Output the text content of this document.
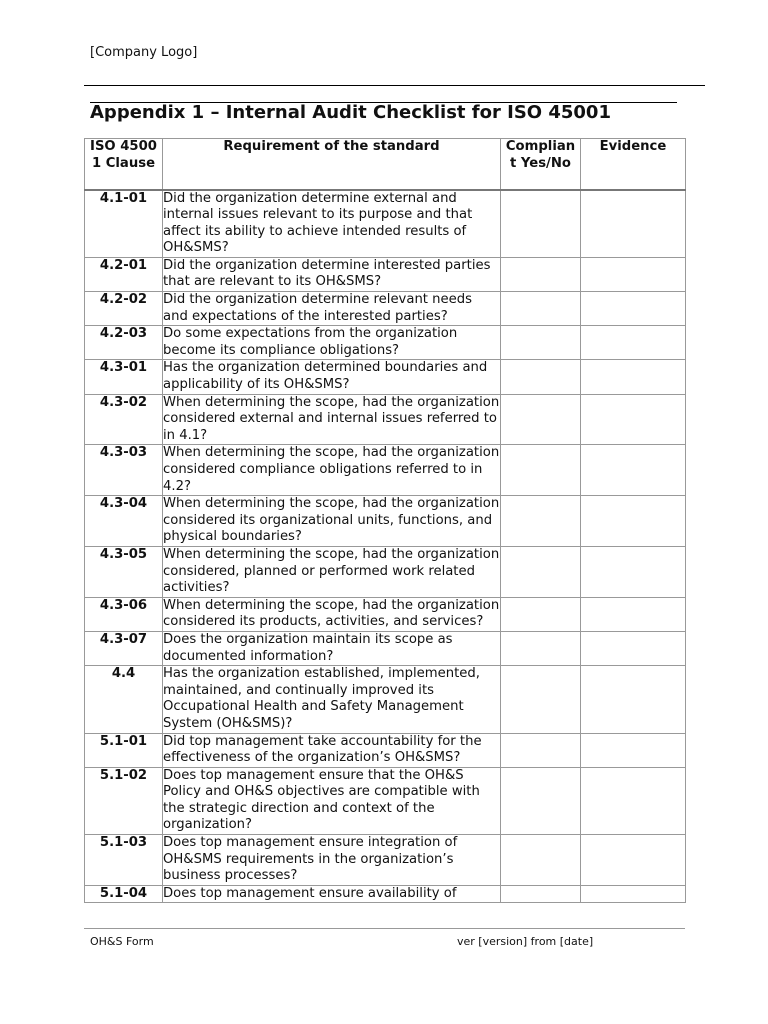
[Company Logo]
Appendix 1 – Internal Audit Checklist for ISO 45001
ISO 45001 Clause	Requirement of the standard	Compliant Yes/No	Evidence
4.1-01	Did the organization determine external and internal issues relevant to its purpose and that affect its ability to achieve intended results of OH&SMS?		
4.2-01	Did the organization determine interested parties that are relevant to its OH&SMS?		
4.2-02	Did the organization determine relevant needs and expectations of the interested parties?		
4.2-03	Do some expectations from the organization become its compliance obligations?		
4.3-01	Has the organization determined boundaries and applicability of its OH&SMS?		
4.3-02	When determining the scope, had the organization considered external and internal issues referred to in 4.1?		
4.3-03	When determining the scope, had the organization considered compliance obligations referred to in 4.2?		
4.3-04	When determining the scope, had the organization considered its organizational units, functions, and physical boundaries?		
4.3-05	When determining the scope, had the organization considered, planned or performed work related activities?		
4.3-06	When determining the scope, had the organization considered its products, activities, and services?		
4.3-07	Does the organization maintain its scope as documented information?		
4.4	Has the organization established, implemented, maintained, and continually improved its Occupational Health and Safety Management System (OH&SMS)?		
5.1-01	Did top management take accountability for the effectiveness of the organization’s OH&SMS?		
5.1-02	Does top management ensure that the OH&S Policy and OH&S objectives are compatible with the strategic direction and context of the organization?		
5.1-03	Does top management ensure integration of OH&SMS requirements in the organization’s business processes?		
5.1-04	Does top management ensure availability of		
OH&S Form	ver [version] from [date]
